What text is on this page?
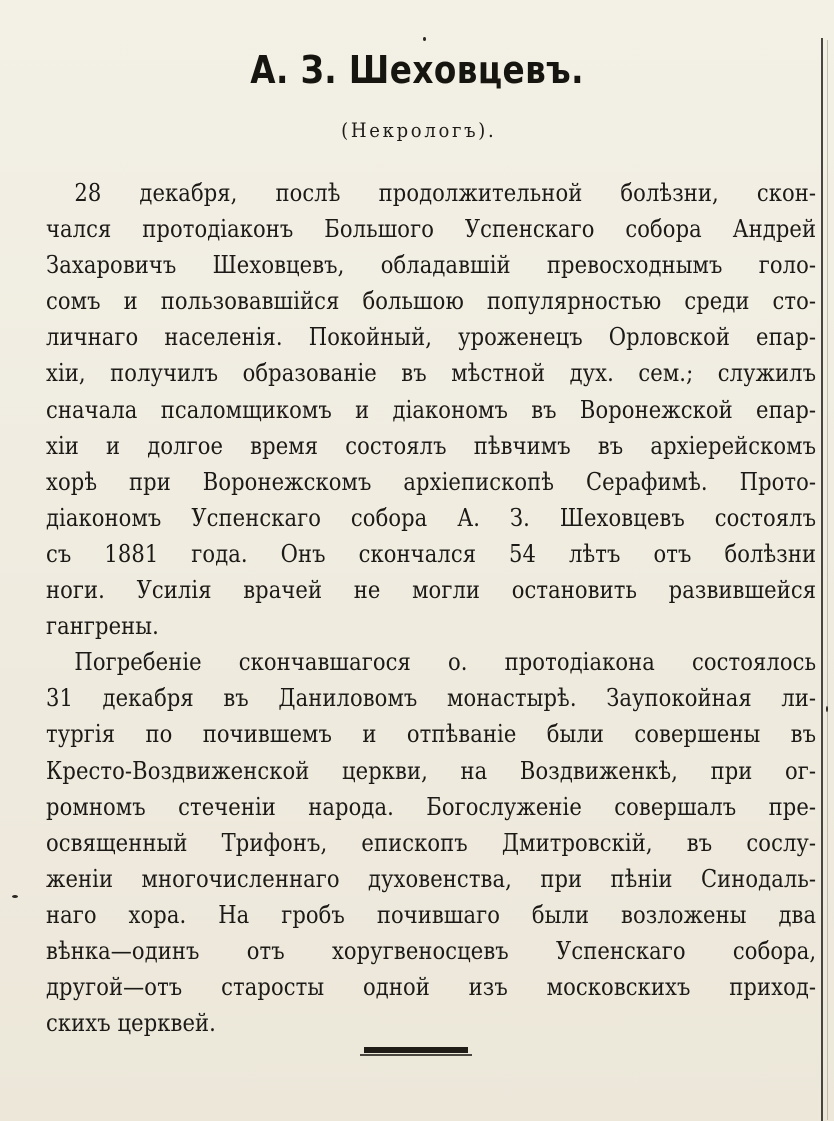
А. З. Шеховцевъ.
(Некрологъ).
28 декабря, послѣ продолжительной болѣзни, скон-
чался протодіаконъ Большого Успенскаго собора Андрей
Захаровичъ Шеховцевъ, обладавшій превосходнымъ голо-
сомъ и пользовавшійся большою популярностью среди сто-
личнаго населенія. Покойный, уроженецъ Орловской епар-
хіи, получилъ образованіе въ мѣстной дух. сем.; служилъ
сначала псаломщикомъ и діакономъ въ Воронежской епар-
хіи и долгое время состоялъ пѣвчимъ въ архіерейскомъ
хорѣ при Воронежскомъ архіепископѣ Серафимѣ. Прото-
діакономъ Успенскаго собора А. З. Шеховцевъ состоялъ
съ 1881 года. Онъ скончался 54 лѣтъ отъ болѣзни
ноги. Усилія врачей не могли остановить развившейся
гангрены.
Погребеніе скончавшагося о. протодіакона состоялось
31 декабря въ Даниловомъ монастырѣ. Заупокойная ли-
тургія по почившемъ и отпѣваніе были совершены въ
Кресто-Воздвиженской церкви, на Воздвиженкѣ, при ог-
ромномъ стеченіи народа. Богослуженіе совершалъ пре-
освященный Трифонъ, епископъ Дмитровскій, въ сослу-
женіи многочисленнаго духовенства, при пѣніи Синодаль-
наго хора. На гробъ почившаго были возложены два
вѣнка—одинъ отъ хоругвеносцевъ Успенскаго собора,
другой—отъ старосты одной изъ московскихъ приход-
скихъ церквей.
